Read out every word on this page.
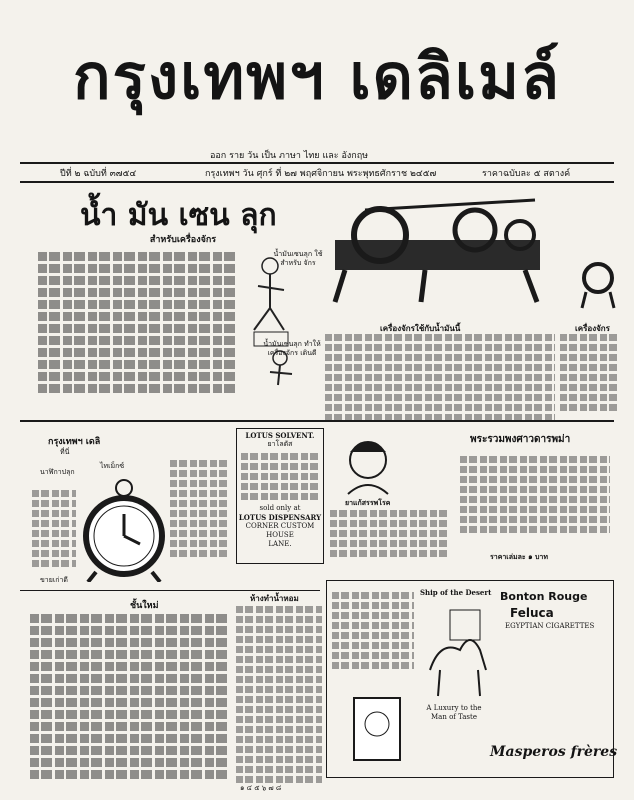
กรุงเทพฯ เดลิเมล์
ออก ราย วัน เป็น ภาษา ไทย และ อังกฤษ
ปีที่ ๒ ฉบับที่ ๓๗๕๔	กรุงเทพฯ วัน ศุกร์ ที่ ๒๗ พฤศจิกายน พระพุทธศักราช ๒๔๕๗	ราคาฉบับละ ๕ สตางค์
น้ำ มัน เซน ลุก
สำหรับเครื่องจักร
น้ำมันเซนลุก ใช้สำหรับ จักร
น้ำมันเซนลุก ทำให้ เครื่องจักร เดินดี
เครื่องจักรใช้กับน้ำมันนี้	เครื่องจักร
กรุงเทพฯ เดลิ
ที่นี่
นาฬิกาปลุก
ไทเม็กซ์
ขายเก่าดี
LOTUS SOLVENT.
ยาโลตัส
sold only at
LOTUS DISPENSARY
CORNER CUSTOM HOUSE
LANE.
ยาแก้สรรพโรค
พระรวมพงศาวดารพม่า
ราคาเล่มละ ๑ บาท
ชั้นใหม่
ห้างทำน้ำหอม
Ship of the Desert Bonton Rouge
Feluca
EGYPTIAN CIGARETTES
A Luxury to the Man of Taste
Masperos frères
๑ ๔ ๕ ๖ ๗ ๘
